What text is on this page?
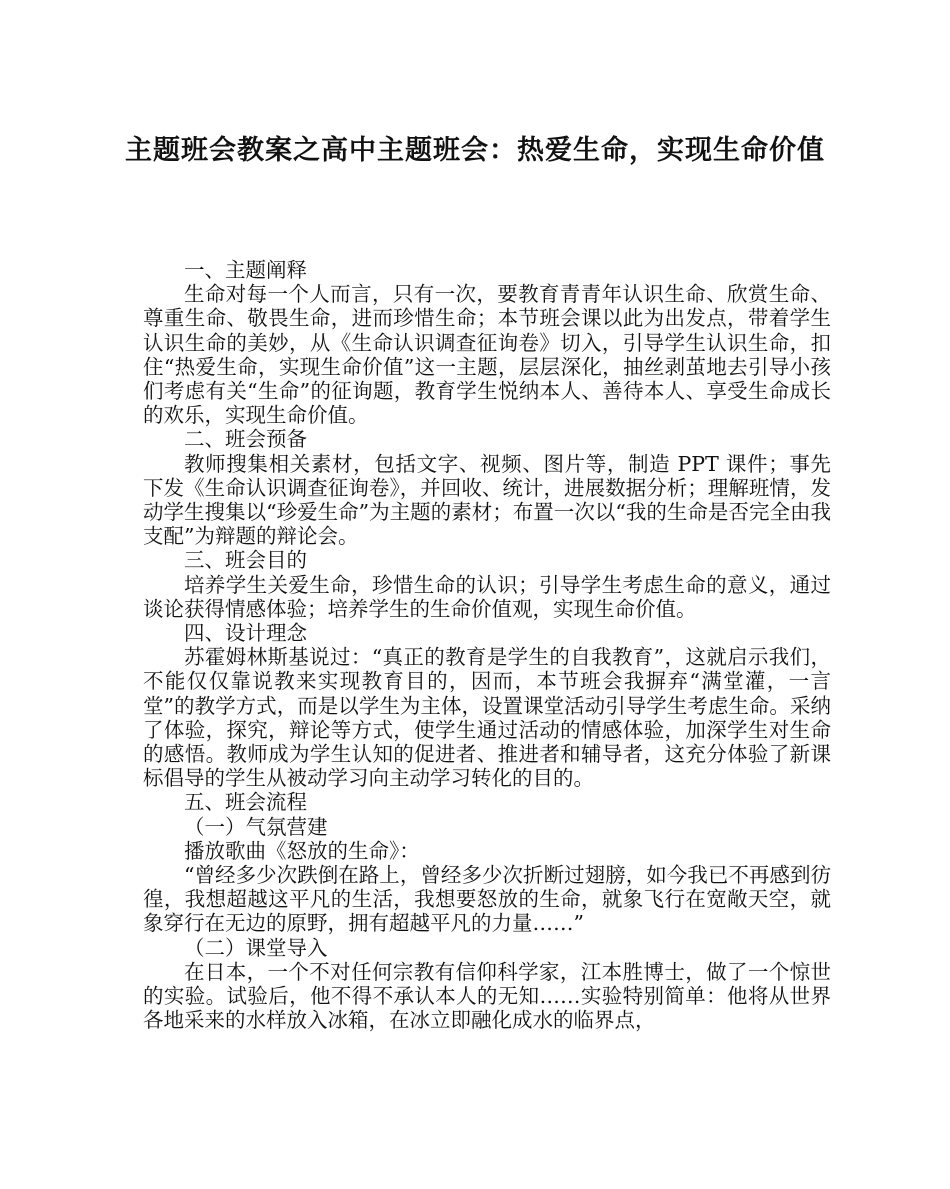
主题班会教案之高中主题班会：热爱生命，实现生命价值

一、主题阐释

生命对每一个人而言，只有一次，要教育青青年认识生命、欣赏生命、尊重生命、敬畏生命，进而珍惜生命；本节班会课以此为出发点，带着学生认识生命的美妙，从《生命认识调查征询卷》切入，引导学生认识生命，扣住“热爱生命，实现生命价值”这一主题，层层深化，抽丝剥茧地去引导小孩们考虑有关“生命”的征询题，教育学生悦纳本人、善待本人、享受生命成长的欢乐，实现生命价值。

二、班会预备

教师搜集相关素材，包括文字、视频、图片等，制造 PPT 课件；事先下发《生命认识调查征询卷》，并回收、统计，进展数据分析；理解班情，发动学生搜集以“珍爱生命”为主题的素材；布置一次以“我的生命是否完全由我支配”为辩题的辩论会。

三、班会目的

培养学生关爱生命，珍惜生命的认识；引导学生考虑生命的意义，通过谈论获得情感体验；培养学生的生命价值观，实现生命价值。

四、设计理念

苏霍姆林斯基说过：“真正的教育是学生的自我教育”，这就启示我们，不能仅仅靠说教来实现教育目的，因而，本节班会我摒弃“满堂灌，一言堂”的教学方式，而是以学生为主体，设置课堂活动引导学生考虑生命。采纳了体验，探究，辩论等方式，使学生通过活动的情感体验，加深学生对生命的感悟。教师成为学生认知的促进者、推进者和辅导者，这充分体验了新课标倡导的学生从被动学习向主动学习转化的目的。

五、班会流程

（一）气氛营建

播放歌曲《怒放的生命》：

“曾经多少次跌倒在路上，曾经多少次折断过翅膀，如今我已不再感到彷徨，我想超越这平凡的生活，我想要怒放的生命，就象飞行在宽敞天空，就象穿行在无边的原野，拥有超越平凡的力量……”

（二）课堂导入

在日本，一个不对任何宗教有信仰科学家，江本胜博士，做了一个惊世的实验。试验后，他不得不承认本人的无知……实验特别简单：他将从世界各地采来的水样放入冰箱，在冰立即融化成水的临界点，
